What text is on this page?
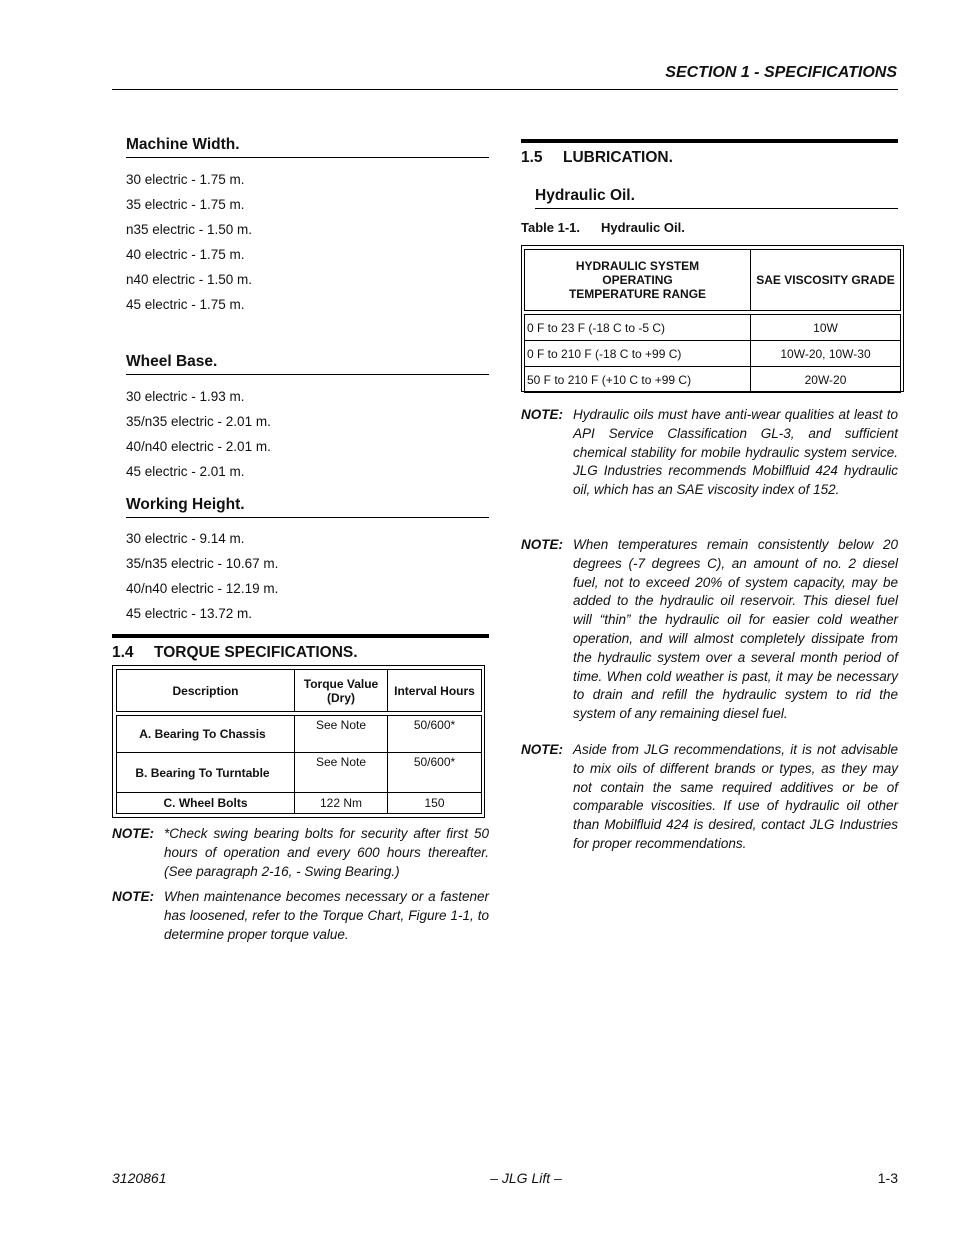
SECTION 1 - SPECIFICATIONS
Machine Width.
30 electric - 1.75 m.
35 electric - 1.75 m.
n35 electric - 1.50 m.
40 electric - 1.75 m.
n40 electric - 1.50 m.
45 electric - 1.75 m.
Wheel Base.
30 electric - 1.93 m.
35/n35 electric - 2.01 m.
40/n40 electric - 2.01 m.
45 electric - 2.01 m.
Working Height.
30 electric - 9.14 m.
35/n35 electric - 10.67 m.
40/n40 electric - 12.19 m.
45 electric - 13.72 m.
1.4 TORQUE SPECIFICATIONS.
Description	Torque Value (Dry)	Interval Hours

A. Bearing To Chassis	See Note	50/600*
B. Bearing To Turntable	See Note	50/600*
C. Wheel Bolts	122 Nm	150
NOTE: *Check swing bearing bolts for security after first 50 hours of operation and every 600 hours thereafter. (See paragraph 2-16, - Swing Bearing.)
NOTE: When maintenance becomes necessary or a fastener has loosened, refer to the Torque Chart, Figure 1-1, to determine proper torque value.
1.5 LUBRICATION.
Hydraulic Oil.
Table 1-1. Hydraulic Oil.
HYDRAULIC SYSTEM OPERATING TEMPERATURE RANGE	SAE VISCOSITY GRADE

0 F to 23 F (-18 C to -5 C)	10W
0 F to 210 F (-18 C to +99 C)	10W-20, 10W-30
50 F to 210 F (+10 C to +99 C)	20W-20
NOTE: Hydraulic oils must have anti-wear qualities at least to API Service Classification GL-3, and sufficient chemical stability for mobile hydraulic system service. JLG Industries recommends Mobilfluid 424 hydraulic oil, which has an SAE viscosity index of 152.
NOTE: When temperatures remain consistently below 20 degrees (-7 degrees C), an amount of no. 2 diesel fuel, not to exceed 20% of system capacity, may be added to the hydraulic oil reservoir. This diesel fuel will “thin” the hydraulic oil for easier cold weather operation, and will almost completely dissipate from the hydraulic system over a several month period of time. When cold weather is past, it may be necessary to drain and refill the hydraulic system to rid the system of any remaining diesel fuel.
NOTE: Aside from JLG recommendations, it is not advisable to mix oils of different brands or types, as they may not contain the same required additives or be of comparable viscosities. If use of hydraulic oil other than Mobilfluid 424 is desired, contact JLG Industries for proper recommendations.
3120861	– JLG Lift –	1-3
